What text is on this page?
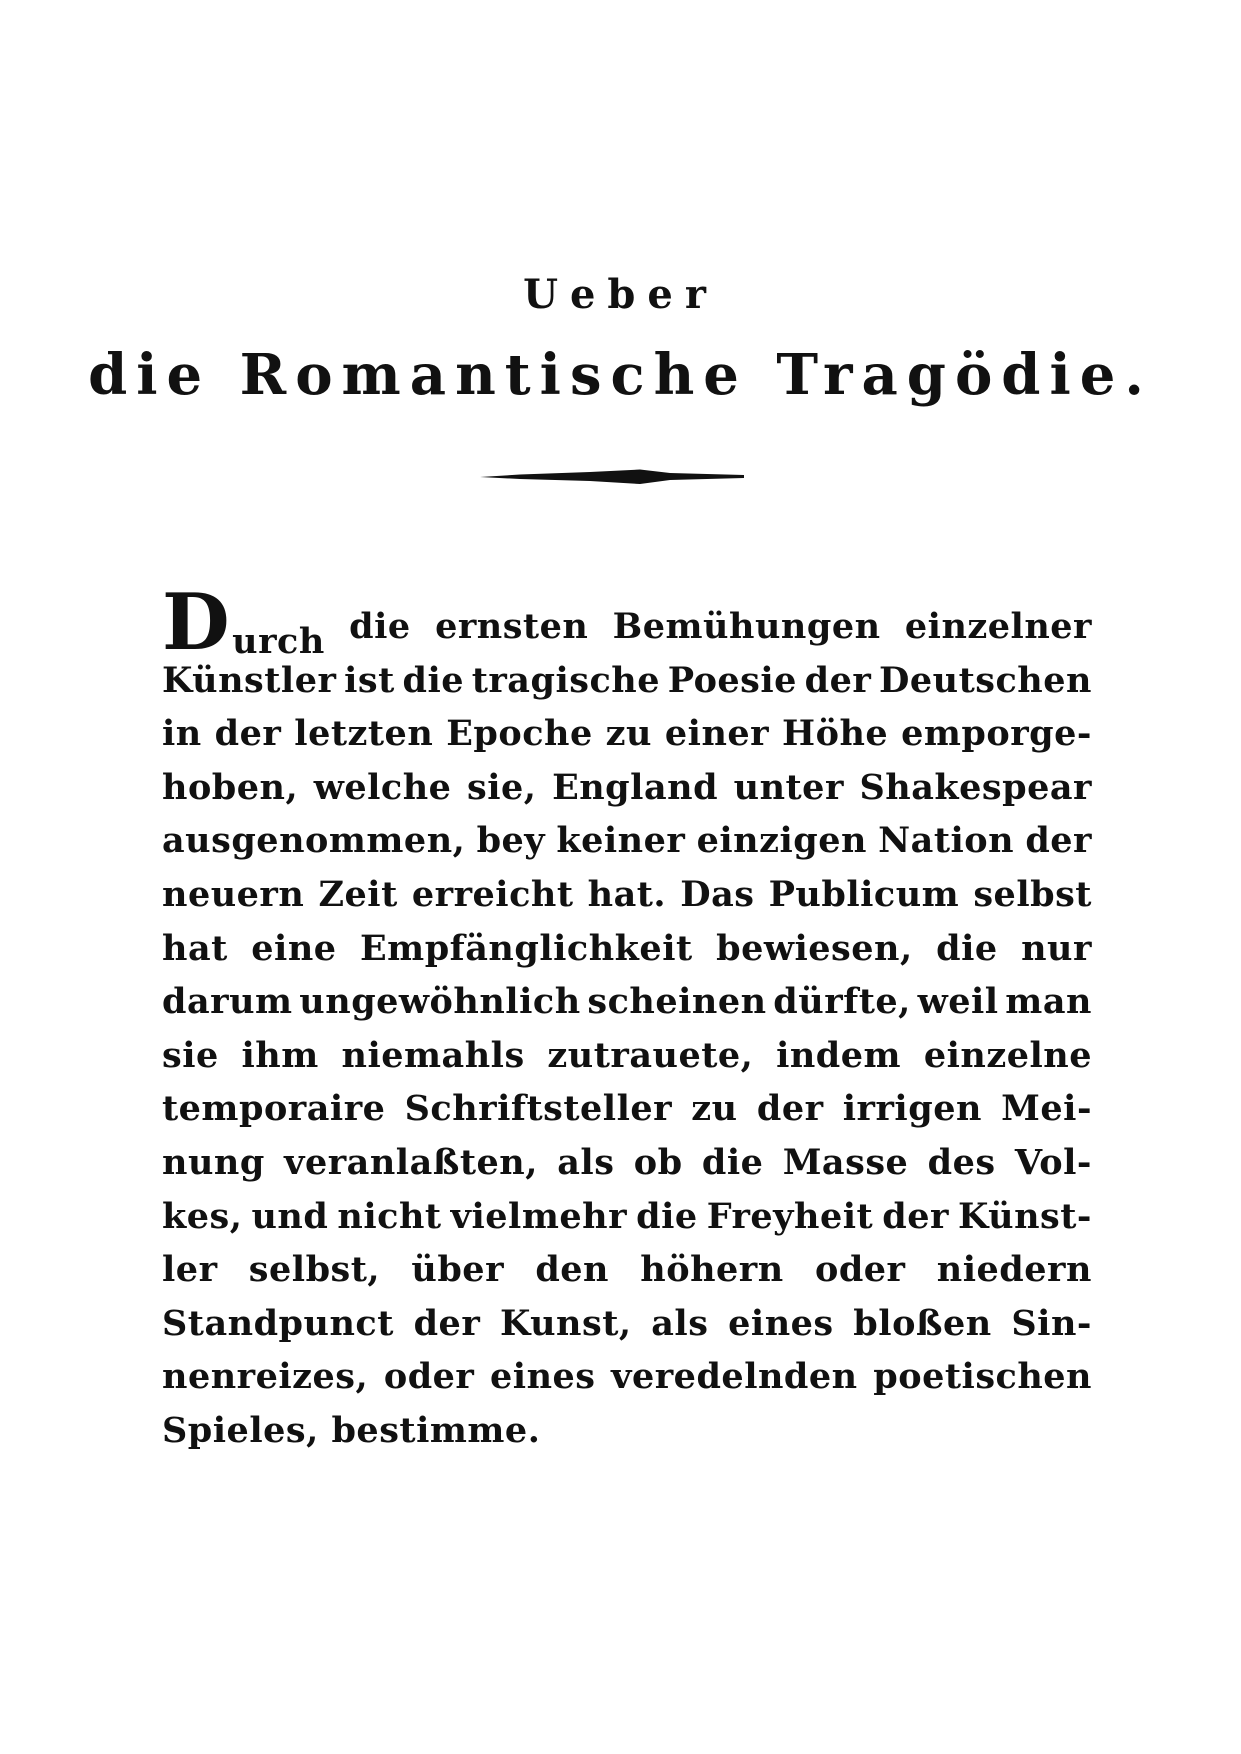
Ueber
die Romantische Tragödie.
Durch die ernsten Bemühungen einzelner
Künstler ist die tragische Poesie der Deutschen
in der letzten Epoche zu einer Höhe emporge-
hoben, welche sie, England unter Shakespear
ausgenommen, bey keiner einzigen Nation der
neuern Zeit erreicht hat. Das Publicum selbst
hat eine Empfänglichkeit bewiesen, die nur
darum ungewöhnlich scheinen dürfte, weil man
sie ihm niemahls zutrauete, indem einzelne
temporaire Schriftsteller zu der irrigen Mei-
nung veranlaßten, als ob die Masse des Vol-
kes, und nicht vielmehr die Freyheit der Künst-
ler selbst, über den höhern oder niedern
Standpunct der Kunst, als eines bloßen Sin-
nenreizes, oder eines veredelnden poetischen
Spieles, bestimme.
